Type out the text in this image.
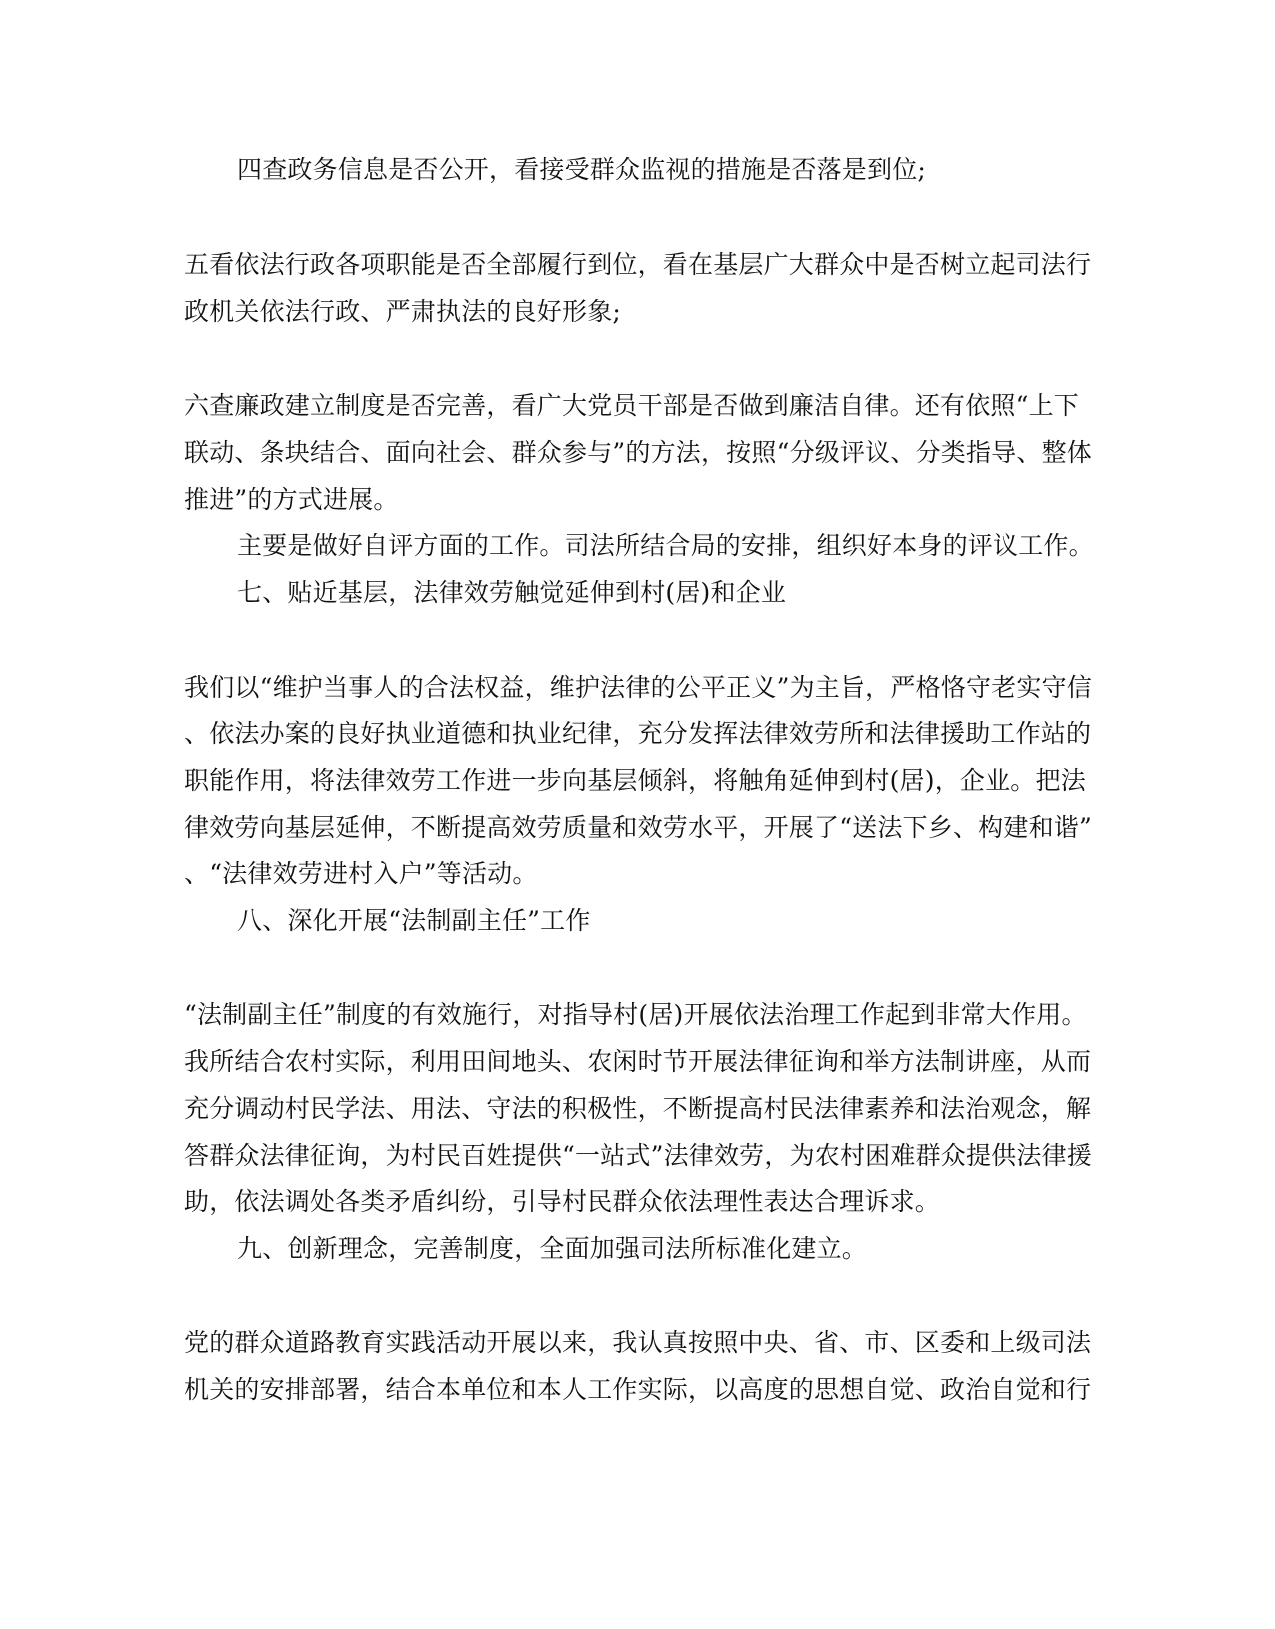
四查政务信息是否公开，看接受群众监视的措施是否落是到位;
五看依法行政各项职能是否全部履行到位，看在基层广大群众中是否树立起司法行
政机关依法行政、严肃执法的良好形象;
六查廉政建立制度是否完善，看广大党员干部是否做到廉洁自律。还有依照“上下
联动、条块结合、面向社会、群众参与”的方法，按照“分级评议、分类指导、整体
推进”的方式进展。
主要是做好自评方面的工作。司法所结合局的安排，组织好本身的评议工作。
七、贴近基层，法律效劳触觉延伸到村(居)和企业
我们以“维护当事人的合法权益，维护法律的公平正义”为主旨，严格恪守老实守信
、依法办案的良好执业道德和执业纪律，充分发挥法律效劳所和法律援助工作站的
职能作用，将法律效劳工作进一步向基层倾斜，将触角延伸到村(居)，企业。把法
律效劳向基层延伸，不断提高效劳质量和效劳水平，开展了“送法下乡、构建和谐”
、“法律效劳进村入户”等活动。
八、深化开展“法制副主任”工作
“法制副主任”制度的有效施行，对指导村(居)开展依法治理工作起到非常大作用。
我所结合农村实际，利用田间地头、农闲时节开展法律征询和举方法制讲座，从而
充分调动村民学法、用法、守法的积极性，不断提高村民法律素养和法治观念，解
答群众法律征询，为村民百姓提供“一站式”法律效劳，为农村困难群众提供法律援
助，依法调处各类矛盾纠纷，引导村民群众依法理性表达合理诉求。
九、创新理念，完善制度，全面加强司法所标准化建立。
党的群众道路教育实践活动开展以来，我认真按照中央、省、市、区委和上级司法
机关的安排部署，结合本单位和本人工作实际，以高度的思想自觉、政治自觉和行
